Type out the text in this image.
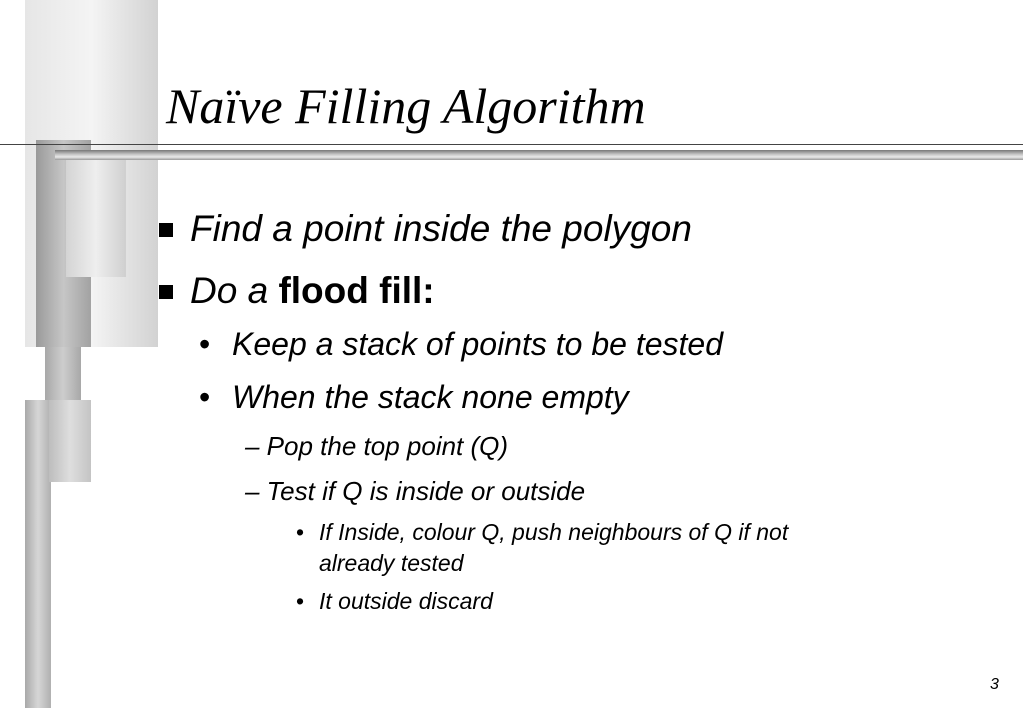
Naïve Filling Algorithm
Find a point inside the polygon
Do a flood fill:
• Keep a stack of points to be tested
• When the stack none empty
– Pop the top point (Q)
– Test if Q is inside or outside
• If Inside, colour Q, push neighbours of Q if not
already tested
• It outside discard
3
